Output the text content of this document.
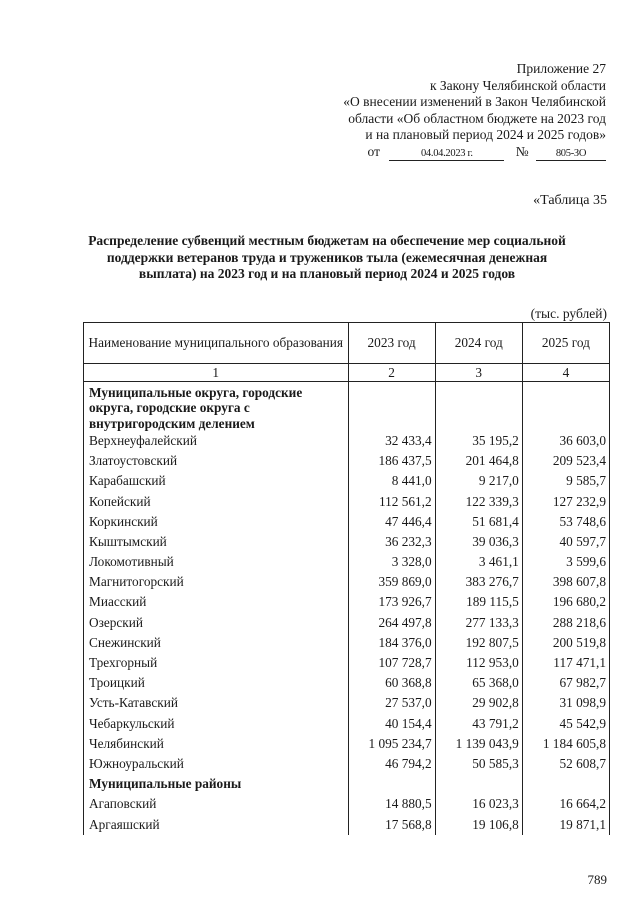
Приложение 27
к Закону Челябинской области
«О внесении изменений в Закон Челябинской
области «Об областном бюджете на 2023 год
и на плановый период 2024 и 2025 годов»
от	04.04.2023 г.	№	805-ЗО
«Таблица 35
Распределение субвенций местным бюджетам на обеспечение мер социальной поддержки ветеранов труда и тружеников тыла (ежемесячная денежная выплата) на 2023 год и на плановый период 2024 и 2025 годов
(тыс. рублей)
Наименование муниципального образования	2023 год	2024 год	2025 год
1	2	3	4
Муниципальные округа, городские округа, городские округа с внутригородским делением			
Верхнеуфалейский	32 433,4	35 195,2	36 603,0
Златоустовский	186 437,5	201 464,8	209 523,4
Карабашский	8 441,0	9 217,0	9 585,7
Копейский	112 561,2	122 339,3	127 232,9
Коркинский	47 446,4	51 681,4	53 748,6
Кыштымский	36 232,3	39 036,3	40 597,7
Локомотивный	3 328,0	3 461,1	3 599,6
Магнитогорский	359 869,0	383 276,7	398 607,8
Миасский	173 926,7	189 115,5	196 680,2
Озерский	264 497,8	277 133,3	288 218,6
Снежинский	184 376,0	192 807,5	200 519,8
Трехгорный	107 728,7	112 953,0	117 471,1
Троицкий	60 368,8	65 368,0	67 982,7
Усть-Катавский	27 537,0	29 902,8	31 098,9
Чебаркульский	40 154,4	43 791,2	45 542,9
Челябинский	1 095 234,7	1 139 043,9	1 184 605,8
Южноуральский	46 794,2	50 585,3	52 608,7
Муниципальные районы			
Агаповский	14 880,5	16 023,3	16 664,2
Аргаяшский	17 568,8	19 106,8	19 871,1
789
